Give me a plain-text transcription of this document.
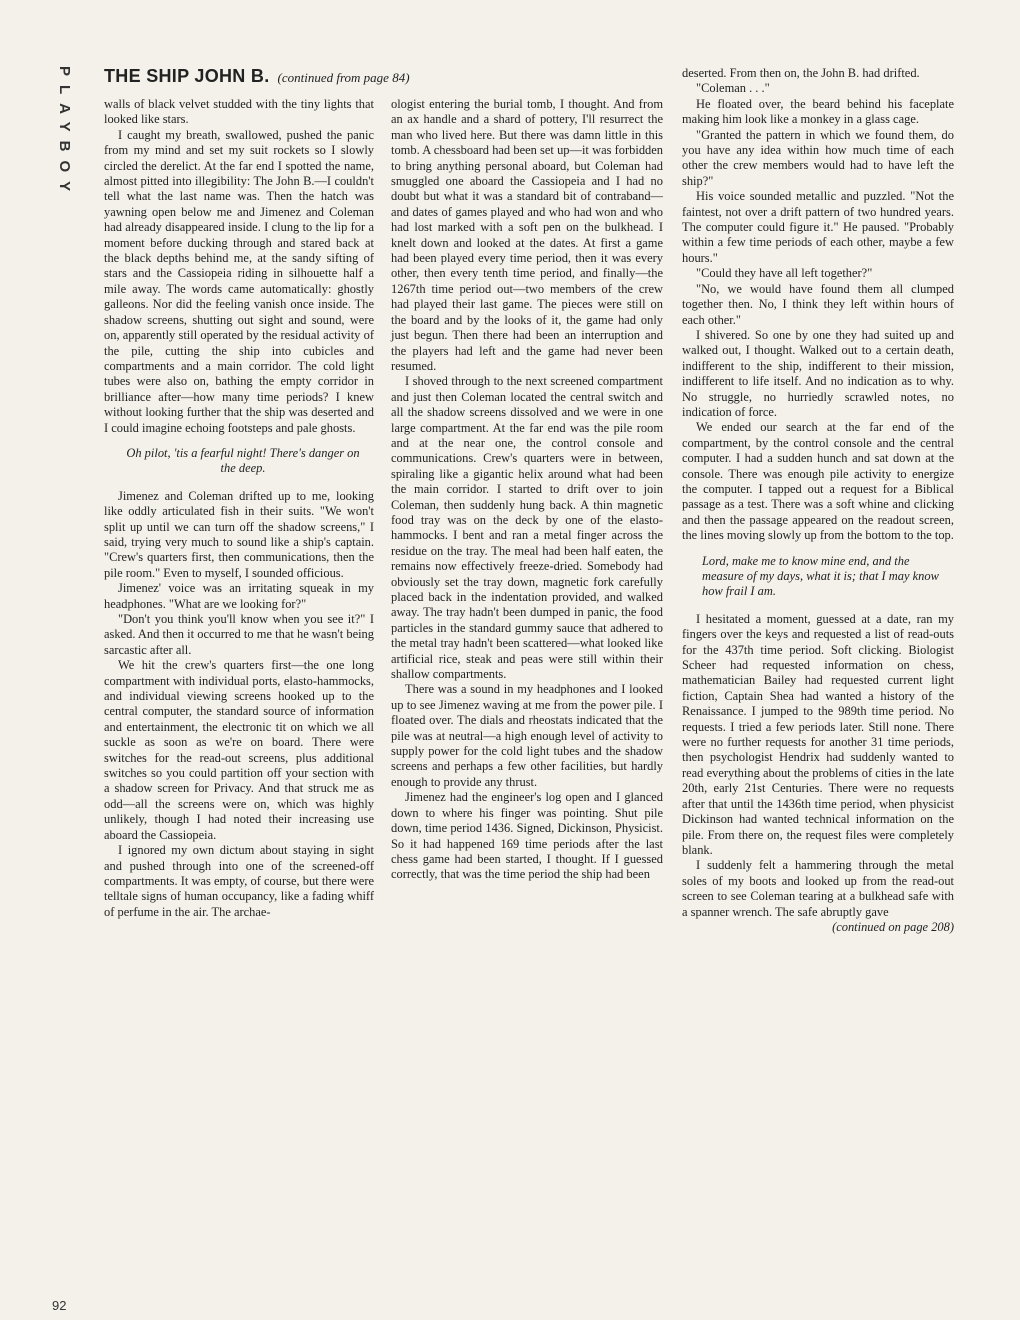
PLAYBOY
92
THE SHIP JOHN B. (continued from page 84)

walls of black velvet studded with the tiny lights that looked like stars.

I caught my breath, swallowed, pushed the panic from my mind and set my suit rockets so I slowly circled the derelict. At the far end I spotted the name, almost pitted into illegibility: The John B.—I couldn't tell what the last name was. Then the hatch was yawning open below me and Jimenez and Coleman had already disappeared inside. I clung to the lip for a moment before ducking through and stared back at the black depths behind me, at the sandy sifting of stars and the Cassiopeia riding in silhouette half a mile away. The words came automatically: ghostly galleons. Nor did the feeling vanish once inside. The shadow screens, shutting out sight and sound, were on, apparently still operated by the residual activity of the pile, cutting the ship into cubicles and compartments and a main corridor. The cold light tubes were also on, bathing the empty corridor in brilliance after—how many time periods? I knew without looking further that the ship was deserted and I could imagine echoing footsteps and pale ghosts.

Oh pilot, 'tis a fearful night! There's danger on the deep.

Jimenez and Coleman drifted up to me, looking like oddly articulated fish in their suits. "We won't split up until we can turn off the shadow screens," I said, trying very much to sound like a ship's captain. "Crew's quarters first, then communications, then the pile room." Even to myself, I sounded officious.

Jimenez' voice was an irritating squeak in my headphones. "What are we looking for?"

"Don't you think you'll know when you see it?" I asked. And then it occurred to me that he wasn't being sarcastic after all.

We hit the crew's quarters first—the one long compartment with individual ports, elasto-hammocks, and individual viewing screens hooked up to the central computer, the standard source of information and entertainment, the electronic tit on which we all suckle as soon as we're on board. There were switches for the read-out screens, plus additional switches so you could partition off your section with a shadow screen for Privacy. And that struck me as odd—all the screens were on, which was highly unlikely, though I had noted their increasing use aboard the Cassiopeia.

I ignored my own dictum about staying in sight and pushed through into one of the screened-off compartments. It was empty, of course, but there were telltale signs of human occupancy, like a fading whiff of perfume in the air. The archae-

ologist entering the burial tomb, I thought. And from an ax handle and a shard of pottery, I'll resurrect the man who lived here. But there was damn little in this tomb. A chessboard had been set up—it was forbidden to bring anything personal aboard, but Coleman had smuggled one aboard the Cassiopeia and I had no doubt but what it was a standard bit of contraband—and dates of games played and who had won and who had lost marked with a soft pen on the bulkhead. I knelt down and looked at the dates. At first a game had been played every time period, then it was every other, then every tenth time period, and finally—the 1267th time period out—two members of the crew had played their last game. The pieces were still on the board and by the looks of it, the game had only just begun. Then there had been an interruption and the players had left and the game had never been resumed.

I shoved through to the next screened compartment and just then Coleman located the central switch and all the shadow screens dissolved and we were in one large compartment. At the far end was the pile room and at the near one, the control console and communications. Crew's quarters were in between, spiraling like a gigantic helix around what had been the main corridor. I started to drift over to join Coleman, then suddenly hung back. A thin magnetic food tray was on the deck by one of the elasto-hammocks. I bent and ran a metal finger across the residue on the tray. The meal had been half eaten, the remains now effectively freeze-dried. Somebody had obviously set the tray down, magnetic fork carefully placed back in the indentation provided, and walked away. The tray hadn't been dumped in panic, the food particles in the standard gummy sauce that adhered to the metal tray hadn't been scattered—what looked like artificial rice, steak and peas were still within their shallow compartments.

There was a sound in my headphones and I looked up to see Jimenez waving at me from the power pile. I floated over. The dials and rheostats indicated that the pile was at neutral—a high enough level of activity to supply power for the cold light tubes and the shadow screens and perhaps a few other facilities, but hardly enough to provide any thrust.

Jimenez had the engineer's log open and I glanced down to where his finger was pointing. Shut pile down, time period 1436. Signed, Dickinson, Physicist. So it had happened 169 time periods after the last chess game had been started, I thought. If I guessed correctly, that was the time period the ship had been

deserted. From then on, the John B. had drifted.

"Coleman . . ."

He floated over, the beard behind his faceplate making him look like a monkey in a glass cage.

"Granted the pattern in which we found them, do you have any idea within how much time of each other the crew members would had to have left the ship?"

His voice sounded metallic and puzzled. "Not the faintest, not over a drift pattern of two hundred years. The computer could figure it." He paused. "Probably within a few time periods of each other, maybe a few hours."

"Could they have all left together?"

"No, we would have found them all clumped together then. No, I think they left within hours of each other."

I shivered. So one by one they had suited up and walked out, I thought. Walked out to a certain death, indifferent to the ship, indifferent to their mission, indifferent to life itself. And no indication as to why. No struggle, no hurriedly scrawled notes, no indication of force.

We ended our search at the far end of the compartment, by the control console and the central computer. I had a sudden hunch and sat down at the console. There was enough pile activity to energize the computer. I tapped out a request for a Biblical passage as a test. There was a soft whine and clicking and then the passage appeared on the readout screen, the lines moving slowly up from the bottom to the top.

Lord, make me to know mine end, and the measure of my days, what it is; that I may know how frail I am.

I hesitated a moment, guessed at a date, ran my fingers over the keys and requested a list of read-outs for the 437th time period. Soft clicking. Biologist Scheer had requested information on chess, mathematician Bailey had requested current light fiction, Captain Shea had wanted a history of the Renaissance. I jumped to the 989th time period. No requests. I tried a few periods later. Still none. There were no further requests for another 31 time periods, then psychologist Hendrix had suddenly wanted to read everything about the problems of cities in the late 20th, early 21st Centuries. There were no requests after that until the 1436th time period, when physicist Dickinson had wanted technical information on the pile. From there on, the request files were completely blank.

I suddenly felt a hammering through the metal soles of my boots and looked up from the read-out screen to see Coleman tearing at a bulkhead safe with a spanner wrench. The safe abruptly gave

(continued on page 208)
